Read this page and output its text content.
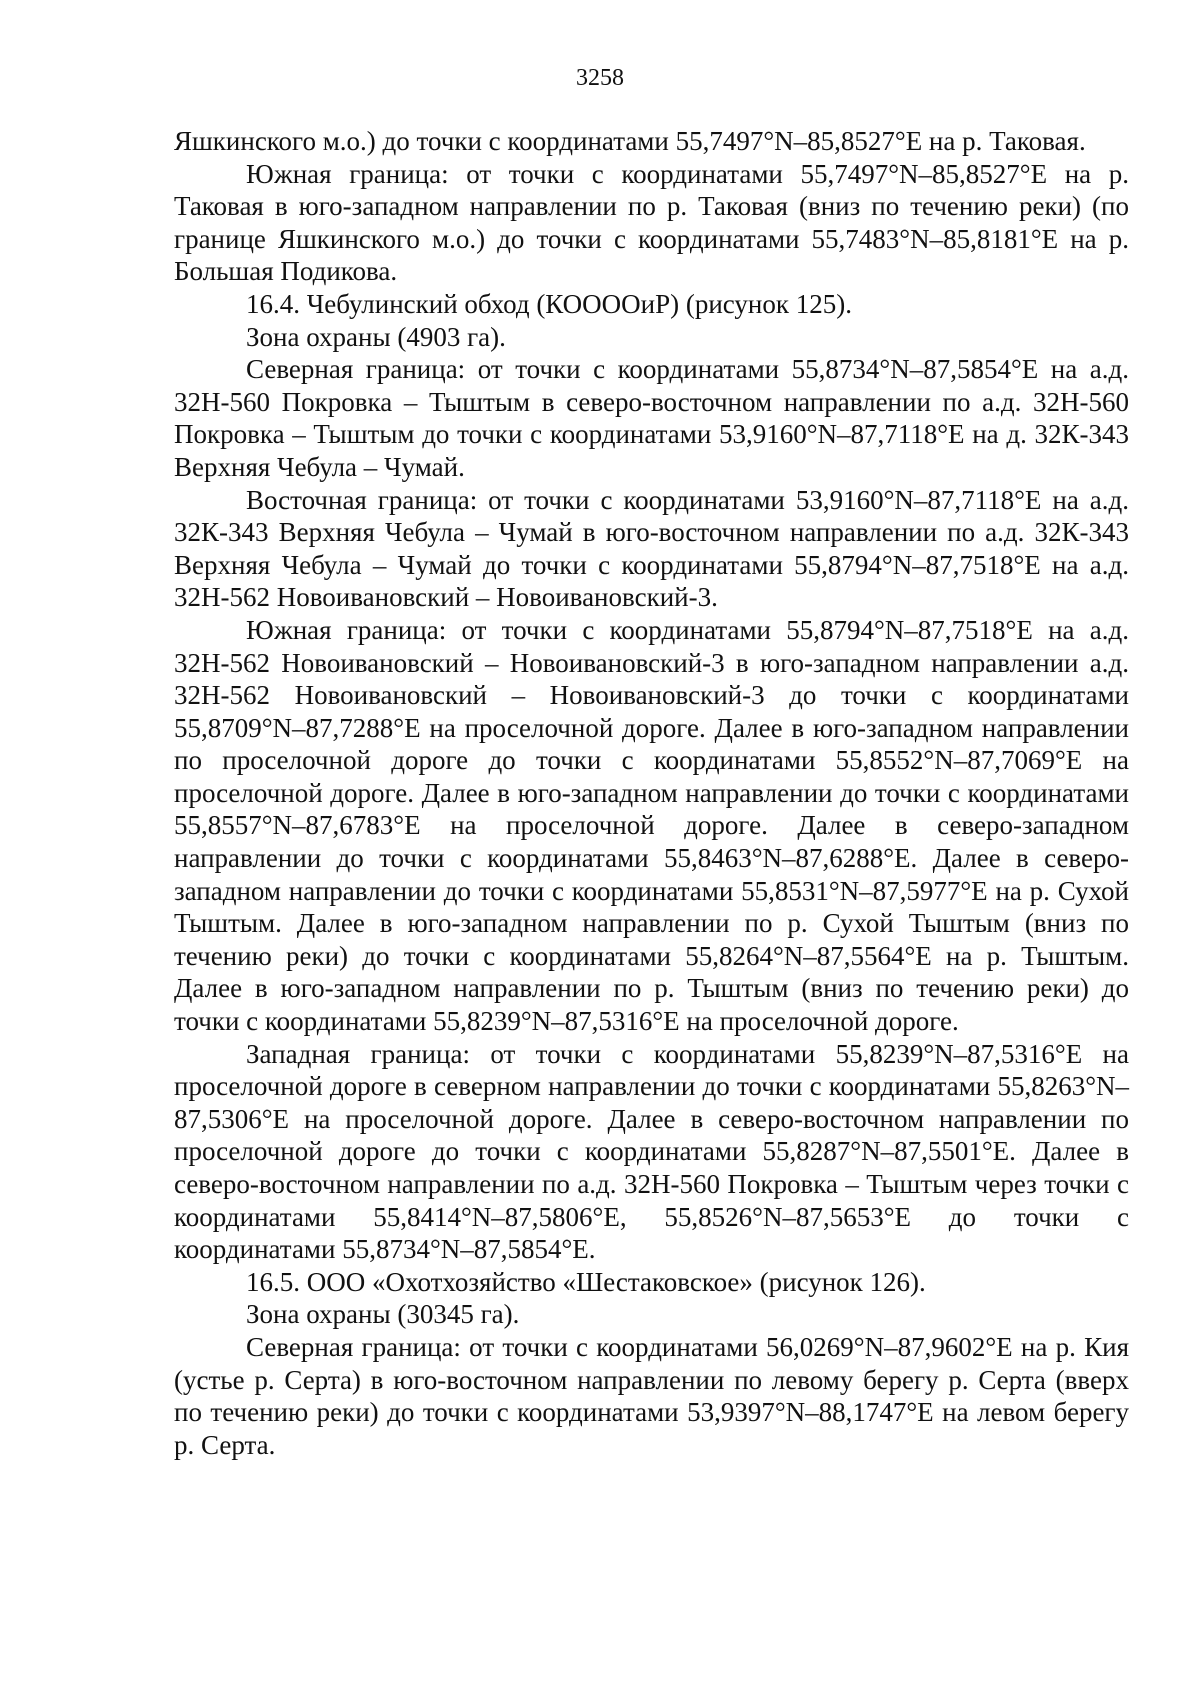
3258

Яшкинского м.о.) до точки с координатами 55,7497°N–85,8527°E на р. Таковая.

Южная граница: от точки с координатами 55,7497°N–85,8527°E на р. Таковая в юго-западном направлении по р. Таковая (вниз по течению реки) (по границе Яшкинского м.о.) до точки с координатами 55,7483°N–85,8181°E на р. Большая Подикова.

16.4. Чебулинский обход (КООООиР) (рисунок 125).

Зона охраны (4903 га).

Северная граница: от точки с координатами 55,8734°N–87,5854°E на а.д. 32Н-560 Покровка – Тыштым в северо-восточном направлении по а.д. 32Н-560 Покровка – Тыштым до точки с координатами 53,9160°N–87,7118°E на д. 32К-343 Верхняя Чебула – Чумай.

Восточная граница: от точки с координатами 53,9160°N–87,7118°E на а.д. 32К-343 Верхняя Чебула – Чумай в юго-восточном направлении по а.д. 32К-343 Верхняя Чебула – Чумай до точки с координатами 55,8794°N–87,7518°E на а.д. 32Н-562 Новоивановский – Новоивановский-3.

Южная граница: от точки с координатами 55,8794°N–87,7518°E на а.д. 32Н-562 Новоивановский – Новоивановский-3 в юго-западном направлении а.д. 32Н-562 Новоивановский – Новоивановский-3 до точки с координатами 55,8709°N–87,7288°E на проселочной дороге. Далее в юго-западном направлении по проселочной дороге до точки с координатами 55,8552°N–87,7069°E на проселочной дороге. Далее в юго-западном направлении до точки с координатами 55,8557°N–87,6783°E на проселочной дороге. Далее в северо-западном направлении до точки с координатами 55,8463°N–87,6288°E. Далее в северо-западном направлении до точки с координатами 55,8531°N–87,5977°E на р. Сухой Тыштым. Далее в юго-западном направлении по р. Сухой Тыштым (вниз по течению реки) до точки с координатами 55,8264°N–87,5564°E на р. Тыштым. Далее в юго-западном направлении по р. Тыштым (вниз по течению реки) до точки с координатами 55,8239°N–87,5316°E на проселочной дороге.

Западная граница: от точки с координатами 55,8239°N–87,5316°E на проселочной дороге в северном направлении до точки с координатами 55,8263°N–87,5306°E на проселочной дороге. Далее в северо-восточном направлении по проселочной дороге до точки с координатами 55,8287°N–87,5501°E. Далее в северо-восточном направлении по а.д. 32Н-560 Покровка – Тыштым через точки с координатами 55,8414°N–87,5806°E, 55,8526°N–87,5653°E до точки с координатами 55,8734°N–87,5854°E.

16.5. ООО «Охотхозяйство «Шестаковское» (рисунок 126).

Зона охраны (30345 га).

Северная граница: от точки с координатами 56,0269°N–87,9602°E на р. Кия (устье р. Серта) в юго-восточном направлении по левому берегу р. Серта (вверх по течению реки) до точки с координатами 53,9397°N–88,1747°E на левом берегу р. Серта.
